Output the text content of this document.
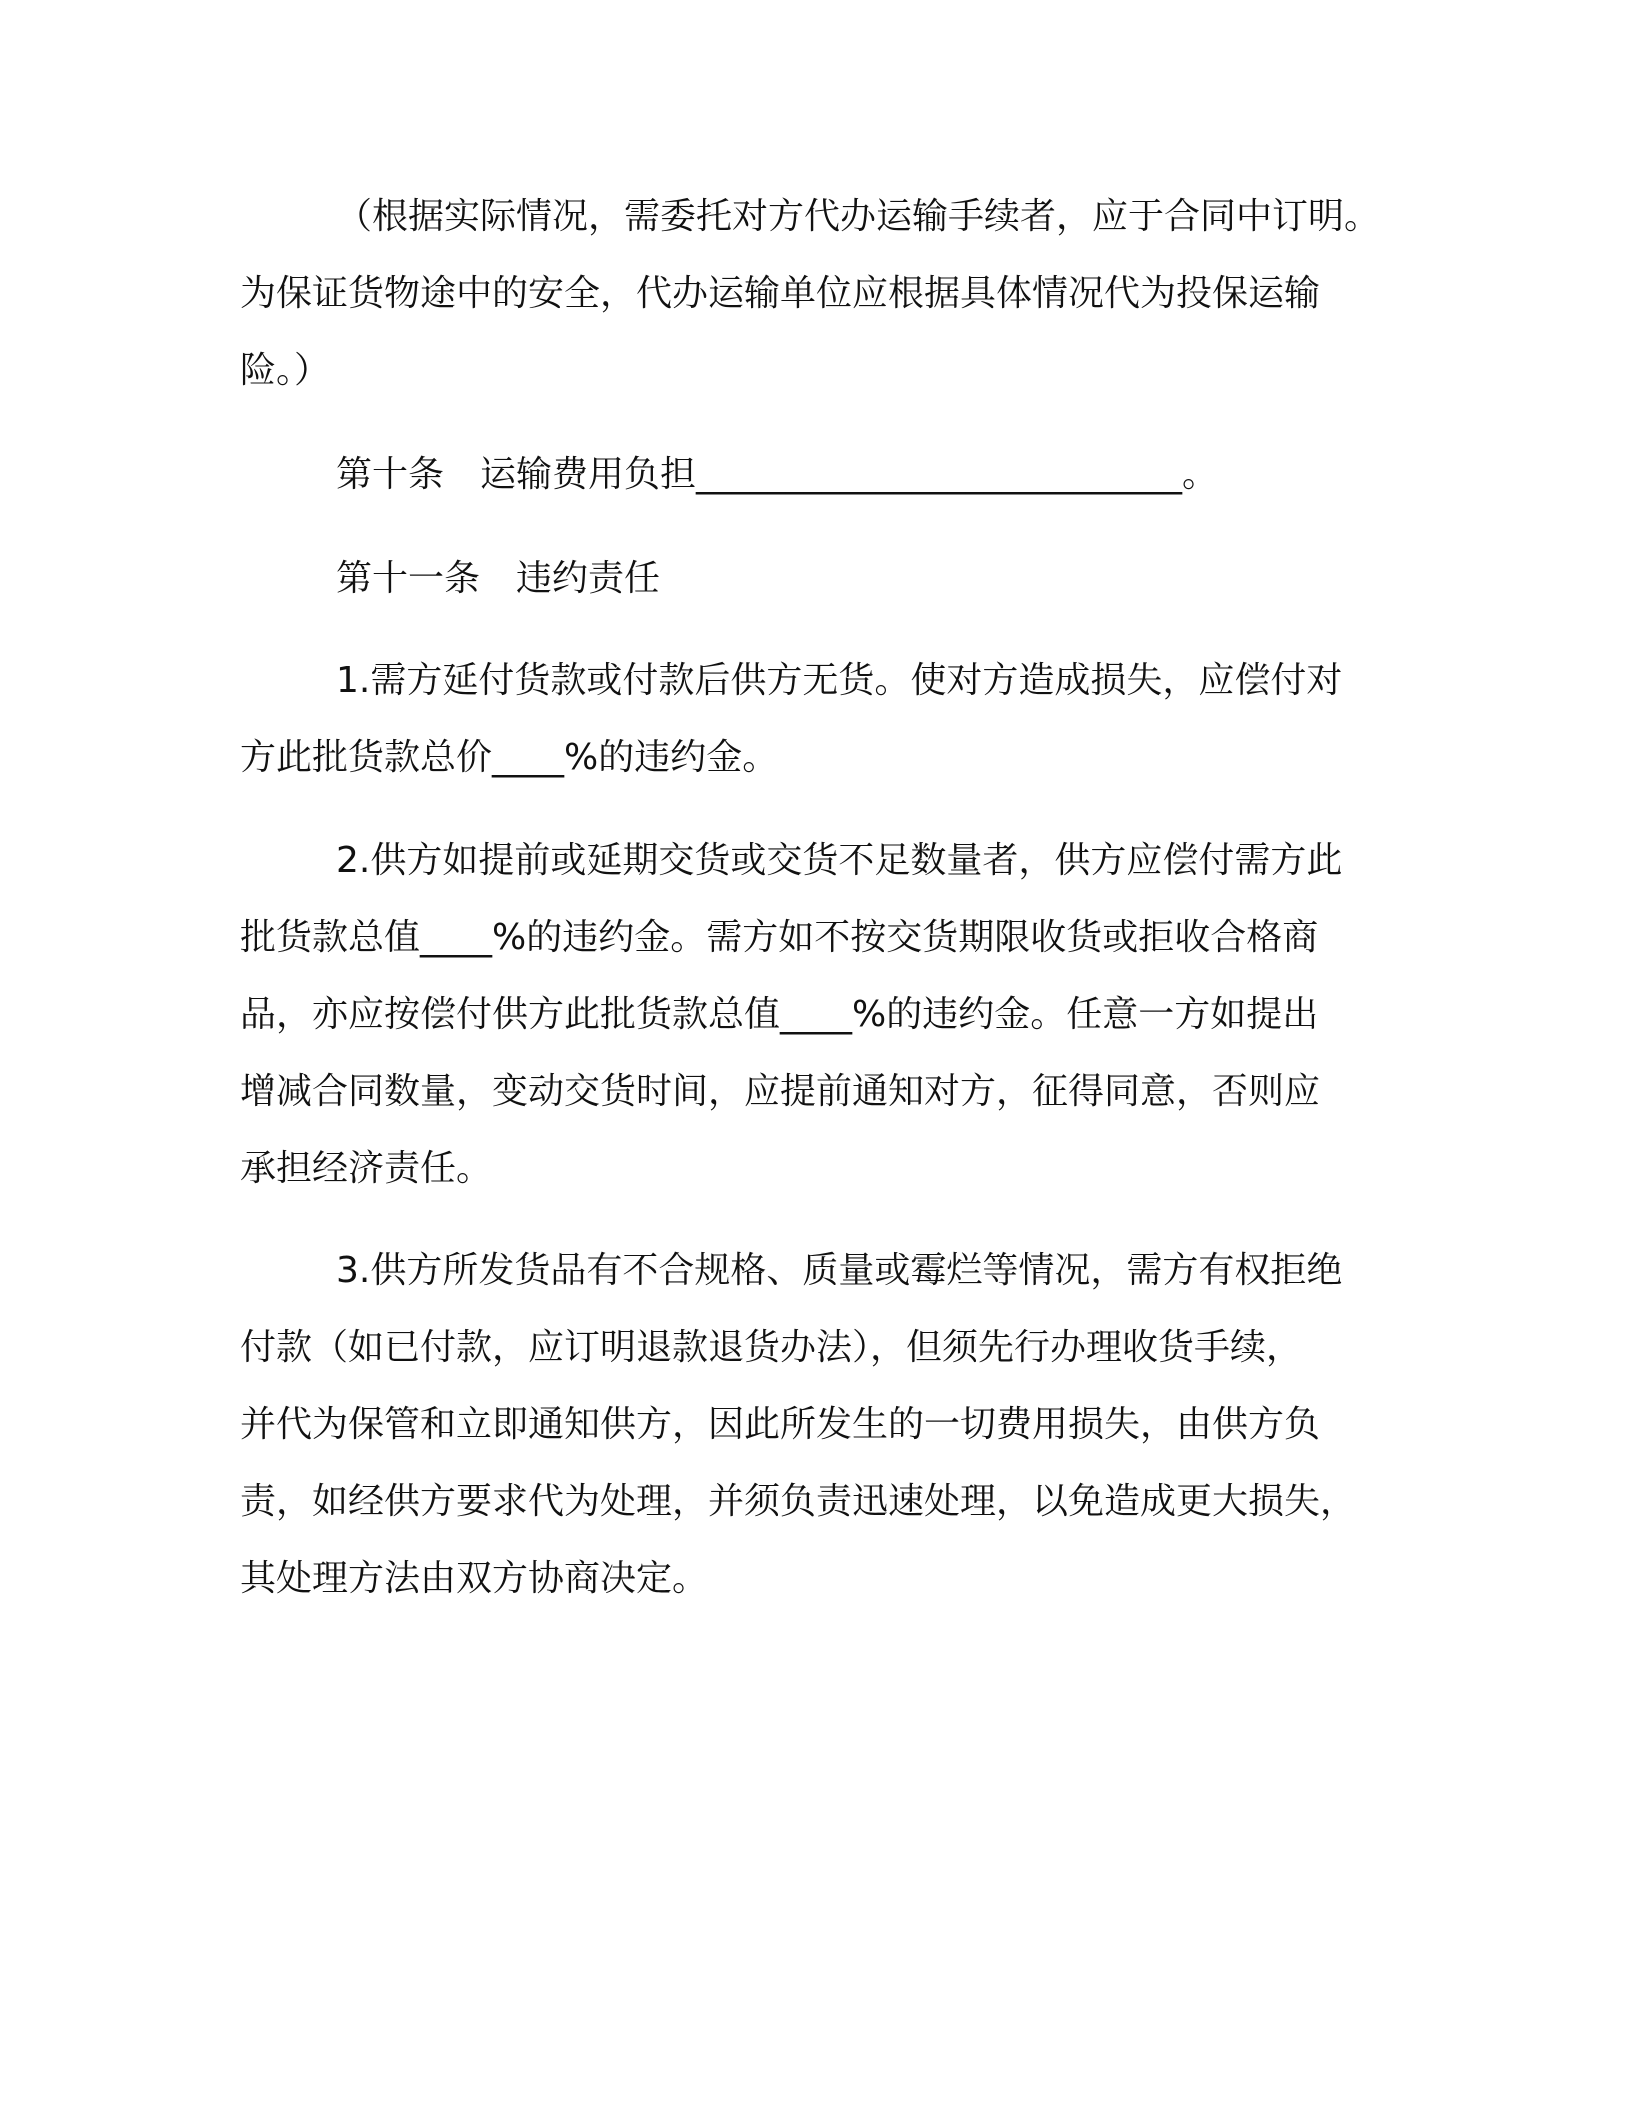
（根据实际情况，需委托对方代办运输手续者，应于合同中订明。
为保证货物途中的安全，代办运输单位应根据具体情况代为投保运输
险。）
第十条 运输费用负担___________________________。
第十一条 违约责任
1.需方延付货款或付款后供方无货。使对方造成损失，应偿付对
方此批货款总价____%的违约金。
2.供方如提前或延期交货或交货不足数量者，供方应偿付需方此
批货款总值____%的违约金。需方如不按交货期限收货或拒收合格商
品，亦应按偿付供方此批货款总值____%的违约金。任意一方如提出
增减合同数量，变动交货时间，应提前通知对方，征得同意，否则应
承担经济责任。
3.供方所发货品有不合规格、质量或霉烂等情况，需方有权拒绝
付款（如已付款，应订明退款退货办法），但须先行办理收货手续，
并代为保管和立即通知供方，因此所发生的一切费用损失，由供方负
责，如经供方要求代为处理，并须负责迅速处理，以免造成更大损失，
其处理方法由双方协商决定。
